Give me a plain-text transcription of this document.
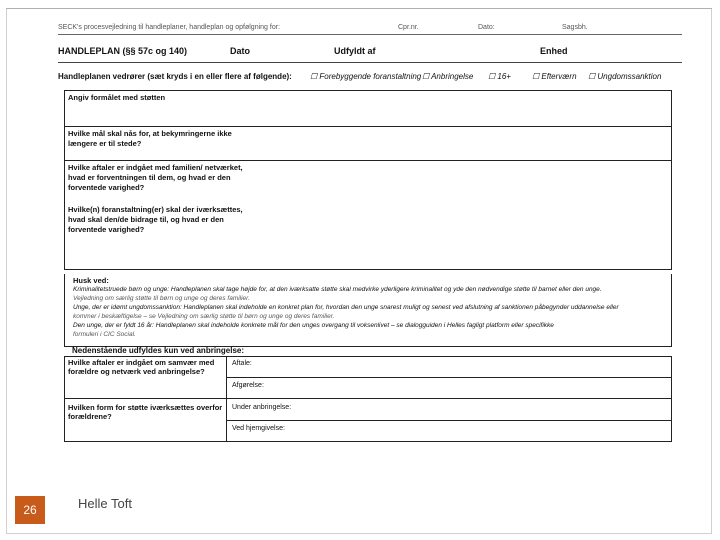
SECK's procesvejledning til handleplaner, handleplan og opfølgning for:	Cpr.nr.	Dato:	Sagsbh.
HANDLEPLAN (§§ 57c og 140)	Dato	Udfyldt af	Enhed
Handleplanen vedrører (sæt kryds i en eller flere af følgende): ☐ Forebyggende foranstaltning ☐ Anbringelse ☐ 16+	☐ Efterværn ☐ Ungdomssanktion
Angiv formålet med støtten
Hvilke mål skal nås for, at bekymringerne ikke længere er til stede?
Hvilke aftaler er indgået med familien/ netværket, hvad er forventningen til dem, og hvad er den forventede varighed?
Hvilke(n) foranstaltning(er) skal der iværksættes, hvad skal den/de bidrage til, og hvad er den forventede varighed?
Husk ved:
Kriminalitetstruede børn og unge: Handleplanen skal tage højde for, at den iværksatte støtte skal medvirke yderligere kriminalitet og yde den nødvendige støtte til barnet eller den unge.
Vejledning om særlig støtte til børn og unge og deres familier.
Unge, der er idømt ungdomssanktion: Handleplanen skal indeholde en konkret plan for, hvordan den unge snarest muligt og senest ved afslutning af sanktionen påbegynder uddannelse eller
kommer i beskæftigelse – se Vejledning om særlig støtte til børn og unge og deres familier.
Den unge, der er fyldt 16 år: Handleplanen skal indeholde konkrete mål for den unges overgang til voksenlivet – se dialogguiden i Helles fagligt platform eller specifikke
formuleri i CIC Social.
Nedenstående udfyldes kun ved anbringelse:
Hvilke aftaler er indgået om samvær med forældre og netværk ved anbringelse?
Aftale:
Afgørelse:
Hvilken form for støtte iværksættes overfor forældrene?
Under anbringelse:
Ved hjemgivelse:
26	Helle Toft
